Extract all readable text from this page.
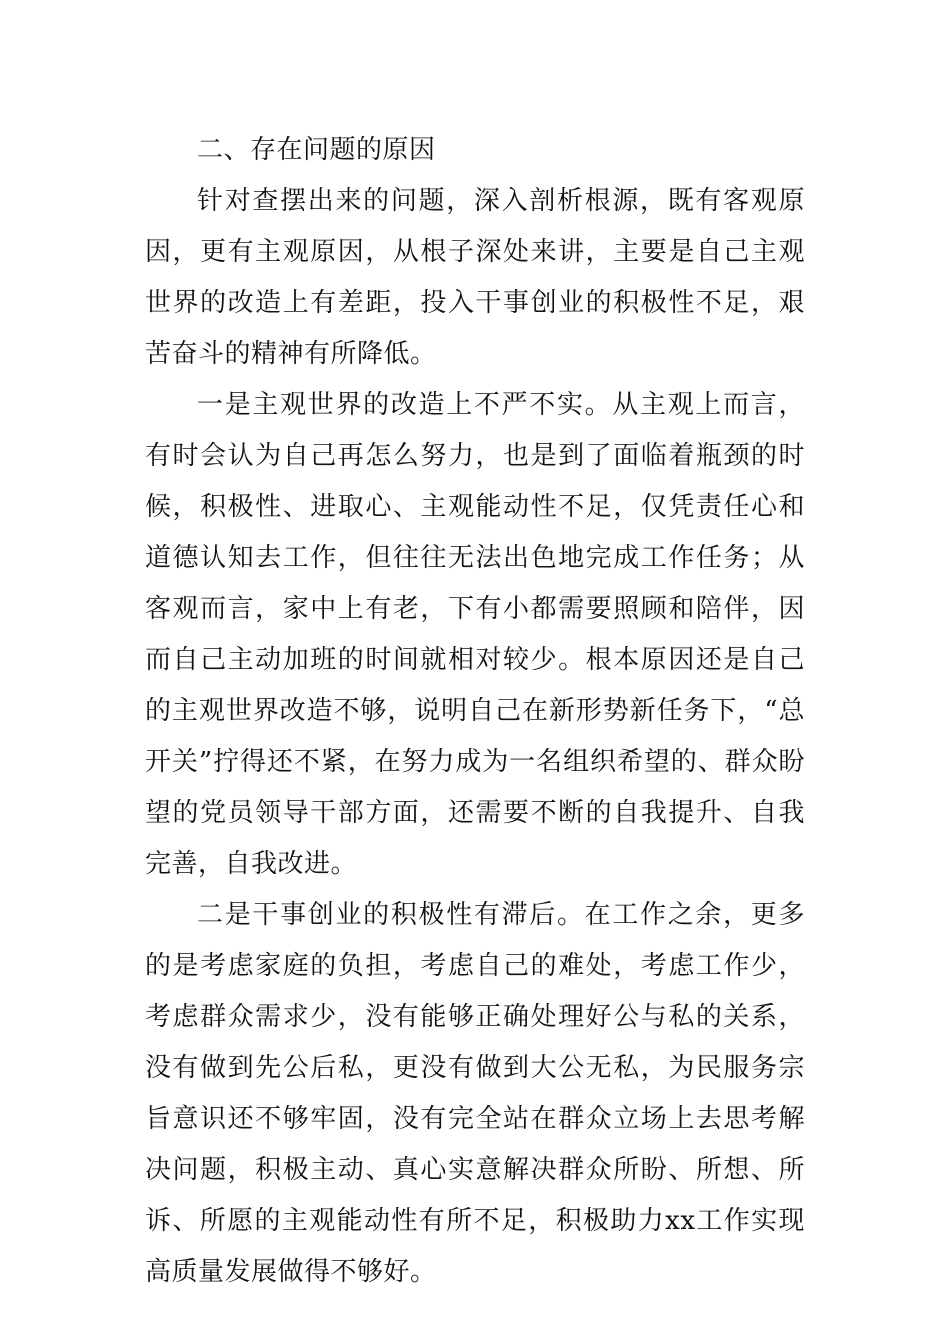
二、存在问题的原因

针对查摆出来的问题，深入剖析根源，既有客观原因，更有主观原因，从根子深处来讲，主要是自己主观世界的改造上有差距，投入干事创业的积极性不足，艰苦奋斗的精神有所降低。

一是主观世界的改造上不严不实。从主观上而言，有时会认为自己再怎么努力，也是到了面临着瓶颈的时候，积极性、进取心、主观能动性不足，仅凭责任心和道德认知去工作，但往往无法出色地完成工作任务；从客观而言，家中上有老，下有小都需要照顾和陪伴，因而自己主动加班的时间就相对较少。根本原因还是自己的主观世界改造不够，说明自己在新形势新任务下，“总开关”拧得还不紧，在努力成为一名组织希望的、群众盼望的党员领导干部方面，还需要不断的自我提升、自我完善，自我改进。

二是干事创业的积极性有滞后。在工作之余，更多的是考虑家庭的负担，考虑自己的难处，考虑工作少，考虑群众需求少，没有能够正确处理好公与私的关系，没有做到先公后私，更没有做到大公无私，为民服务宗旨意识还不够牢固，没有完全站在群众立场上去思考解决问题，积极主动、真心实意解决群众所盼、所想、所诉、所愿的主观能动性有所不足，积极助力xx工作实现高质量发展做得不够好。
